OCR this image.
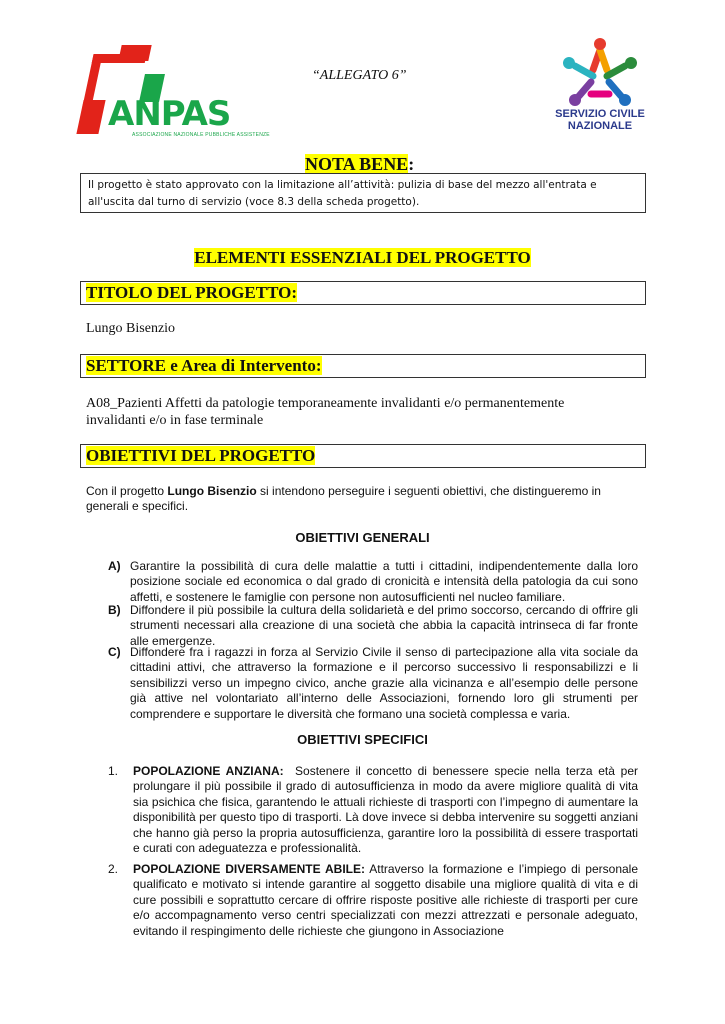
ANPAS
ASSOCIAZIONE NAZIONALE PUBBLICHE ASSISTENZE
“ALLEGATO 6”
SERVIZIO CIVILE
NAZIONALE
NOTA BENE:
Il progetto è stato approvato con la limitazione all’attività: pulizia di base del mezzo all'entrata e all'uscita dal turno di servizio (voce 8.3 della scheda progetto).
ELEMENTI ESSENZIALI DEL PROGETTO
TITOLO DEL PROGETTO:
Lungo Bisenzio
SETTORE e Area di Intervento:
A08_Pazienti Affetti da patologie temporaneamente invalidanti e/o permanentemente invalidanti e/o in fase terminale
OBIETTIVI DEL PROGETTO
Con il progetto Lungo Bisenzio si intendono perseguire i seguenti obiettivi, che distingueremo in generali e specifici.
OBIETTIVI GENERALI
A) Garantire la possibilità di cura delle malattie a tutti i cittadini, indipendentemente dalla loro posizione sociale ed economica o dal grado di cronicità e intensità della patologia da cui sono affetti, e sostenere le famiglie con persone non autosufficienti nel nucleo familiare.
B) Diffondere il più possibile la cultura della solidarietà e del primo soccorso, cercando di offrire gli strumenti necessari alla creazione di una società che abbia la capacità intrinseca di far fronte alle emergenze.
C) Diffondere fra i ragazzi in forza al Servizio Civile il senso di partecipazione alla vita sociale da cittadini attivi, che attraverso la formazione e il percorso successivo li responsabilizzi e li sensibilizzi verso un impegno civico, anche grazie alla vicinanza e all’esempio delle persone già attive nel volontariato all’interno delle Associazioni, fornendo loro gli strumenti per comprendere e supportare le diversità che formano una società complessa e varia.
OBIETTIVI SPECIFICI
1. POPOLAZIONE ANZIANA:  Sostenere il concetto di benessere specie nella terza età per prolungare il più possibile il grado di autosufficienza in modo da avere migliore qualità di vita sia psichica che fisica, garantendo le attuali richieste di trasporti con l’impegno di aumentare la disponibilità per questo tipo di trasporti. Là dove invece si debba intervenire su soggetti anziani che hanno già perso la propria autosufficienza, garantire loro la possibilità di essere trasportati e curati con adeguatezza e professionalità.
2. POPOLAZIONE DIVERSAMENTE ABILE: Attraverso la formazione e l’impiego di personale qualificato e motivato si intende garantire al soggetto disabile una migliore qualità di vita e di cure possibili e soprattutto cercare di offrire risposte positive alle richieste di trasporti per cure e/o accompagnamento verso centri specializzati con mezzi attrezzati e personale adeguato, evitando il respingimento delle richieste che giungono in Associazione
